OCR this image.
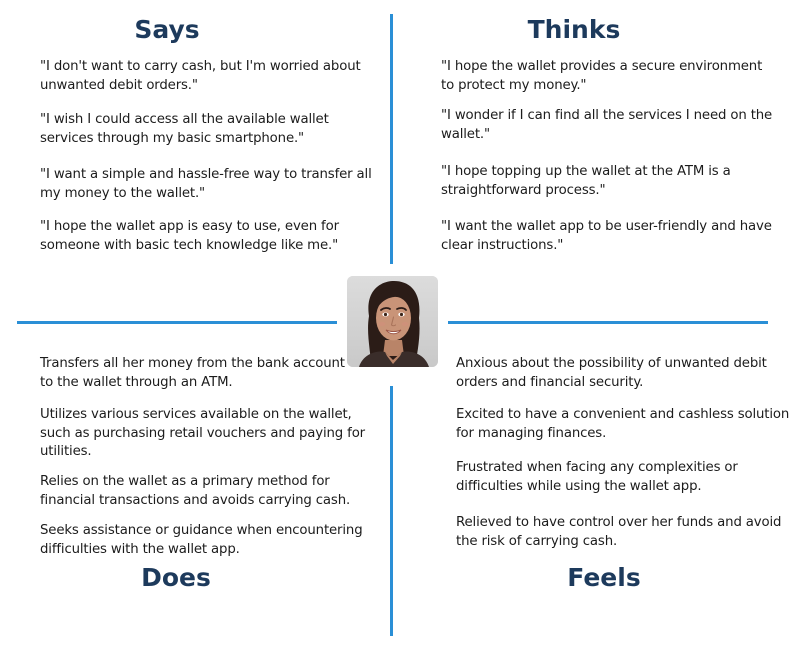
Says	Thinks
Does	Feels
"I don't want to carry cash, but I'm worried about
unwanted debit orders."
"I wish I could access all the available wallet
services through my basic smartphone."
"I want a simple and hassle-free way to transfer all
my money to the wallet."
"I hope the wallet app is easy to use, even for
someone with basic tech knowledge like me."
"I hope the wallet provides a secure environment
to protect my money."
"I wonder if I can find all the services I need on the
wallet."
"I hope topping up the wallet at the ATM is a
straightforward process."
"I want the wallet app to be user-friendly and have
clear instructions."
Transfers all her money from the bank account
to the wallet through an ATM.
Utilizes various services available on the wallet,
such as purchasing retail vouchers and paying for
utilities.
Relies on the wallet as a primary method for
financial transactions and avoids carrying cash.
Seeks assistance or guidance when encountering
difficulties with the wallet app.
Anxious about the possibility of unwanted debit
orders and financial security.
Excited to have a convenient and cashless solution
for managing finances.
Frustrated when facing any complexities or
difficulties while using the wallet app.
Relieved to have control over her funds and avoid
the risk of carrying cash.
